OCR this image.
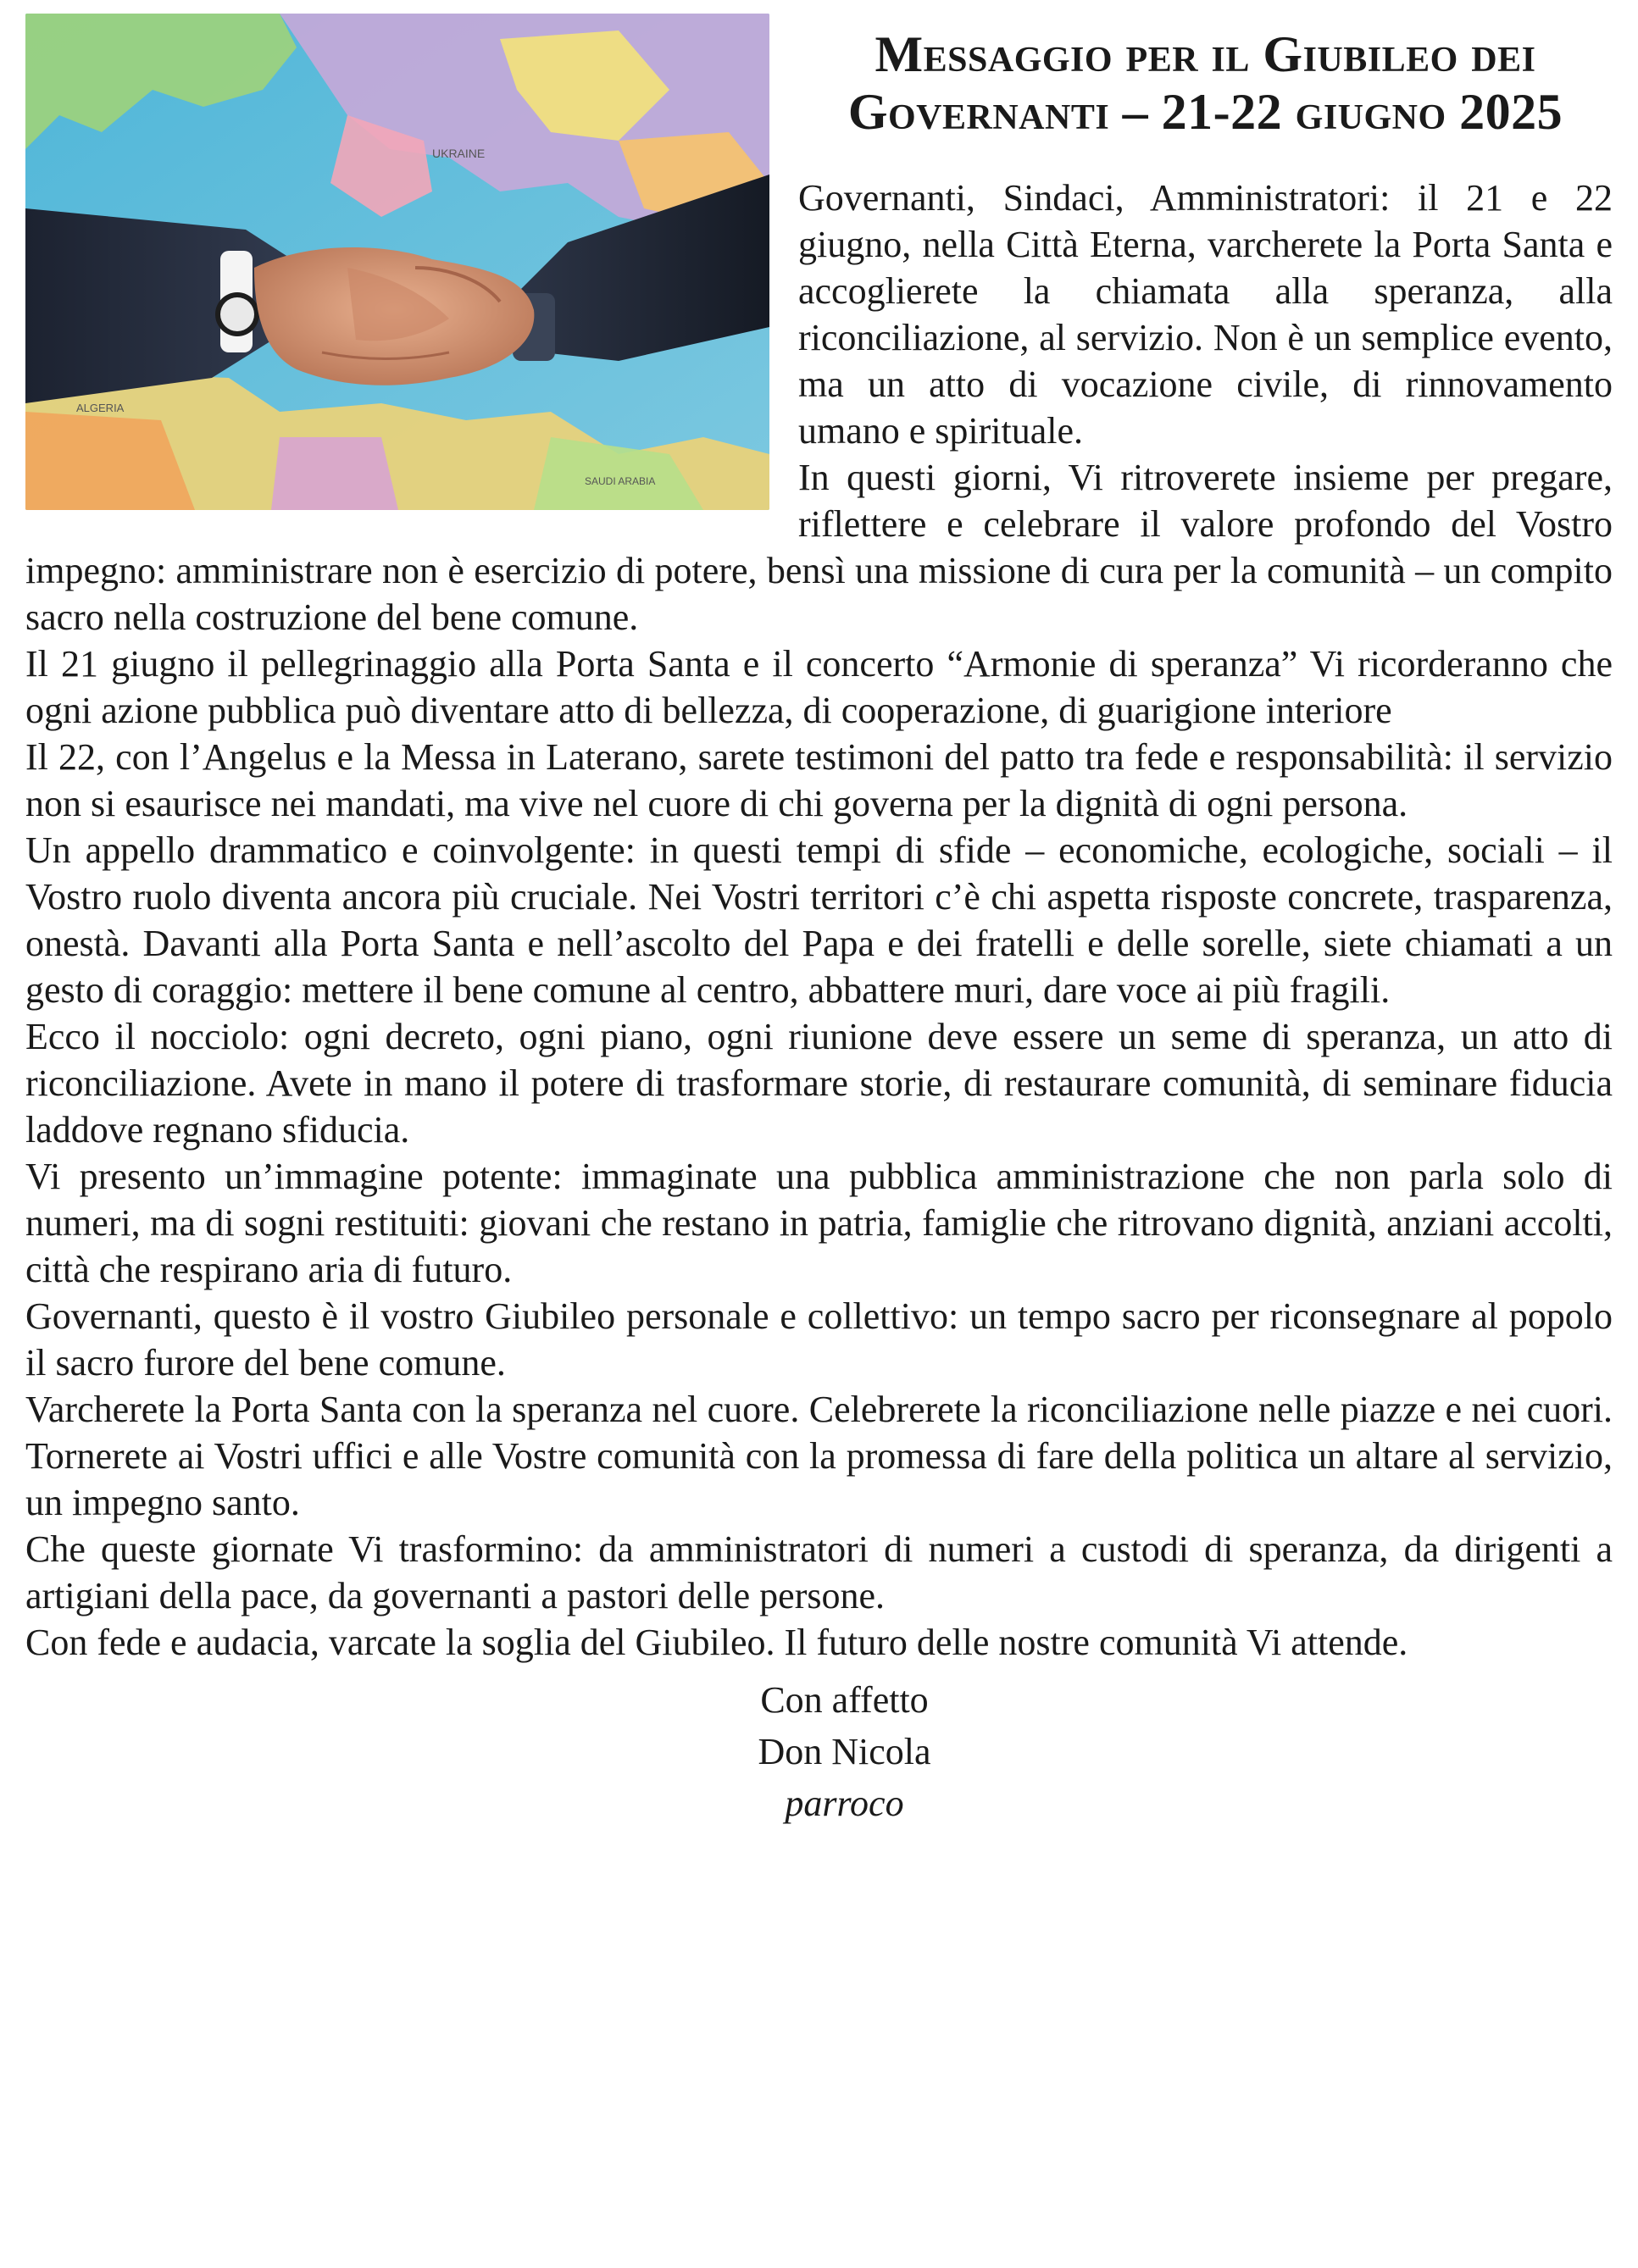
UKRAINE
ALGERIA
SAUDI ARABIA
Messaggio per il Giubileo dei
Governanti – 21-22 giugno 2025

Governanti, Sindaci, Amministratori: il 21 e 22 giugno, nella Città Eterna, varcherete la Porta Santa e accoglierete la chiamata alla speranza, alla riconciliazione, al servizio. Non è un semplice evento, ma un atto di vocazione civile, di rinnovamento umano e spirituale.

In questi giorni, Vi ritroverete insieme per pregare, riflettere e celebrare il valore profondo del Vostro impegno: amministrare non è esercizio di potere, bensì una missione di cura per la comunità – un compito sacro nella costruzione del bene comune.

Il 21 giugno il pellegrinaggio alla Porta Santa e il concerto “Armonie di speranza” Vi ricorderanno che ogni azione pubblica può diventare atto di bellezza, di cooperazione, di guarigione interiore

Il 22, con l’Angelus e la Messa in Laterano, sarete testimoni del patto tra fede e responsabilità: il servizio non si esaurisce nei mandati, ma vive nel cuore di chi governa per la dignità di ogni persona.

Un appello drammatico e coinvolgente: in questi tempi di sfide – economiche, ecologiche, sociali – il Vostro ruolo diventa ancora più cruciale. Nei Vostri territori c’è chi aspetta risposte concrete, trasparenza, onestà. Davanti alla Porta Santa e nell’ascolto del Papa e dei fratelli e delle sorelle, siete chiamati a un gesto di coraggio: mettere il bene comune al centro, abbattere muri, dare voce ai più fragili.

Ecco il nocciolo: ogni decreto, ogni piano, ogni riunione deve essere un seme di speranza, un atto di riconciliazione. Avete in mano il potere di trasformare storie, di restaurare comunità, di seminare fiducia laddove regnano sfiducia.

Vi presento un’immagine potente: immaginate una pubblica amministrazione che non parla solo di numeri, ma di sogni restituiti: giovani che restano in patria, famiglie che ritrovano dignità, anziani accolti, città che respirano aria di futuro.

Governanti, questo è il vostro Giubileo personale e collettivo: un tempo sacro per riconsegnare al popolo il sacro furore del bene comune.

Varcherete la Porta Santa con la speranza nel cuore. Celebrerete la riconciliazione nelle piazze e nei cuori. Tornerete ai Vostri uffici e alle Vostre comunità con la promessa di fare della politica un altare al servizio, un impegno santo.

Che queste giornate Vi trasformino: da amministratori di numeri a custodi di speranza, da dirigenti a artigiani della pace, da governanti a pastori delle persone.

Con fede e audacia, varcate la soglia del Giubileo. Il futuro delle nostre comunità Vi attende.

Con affetto
Don Nicola
parroco
